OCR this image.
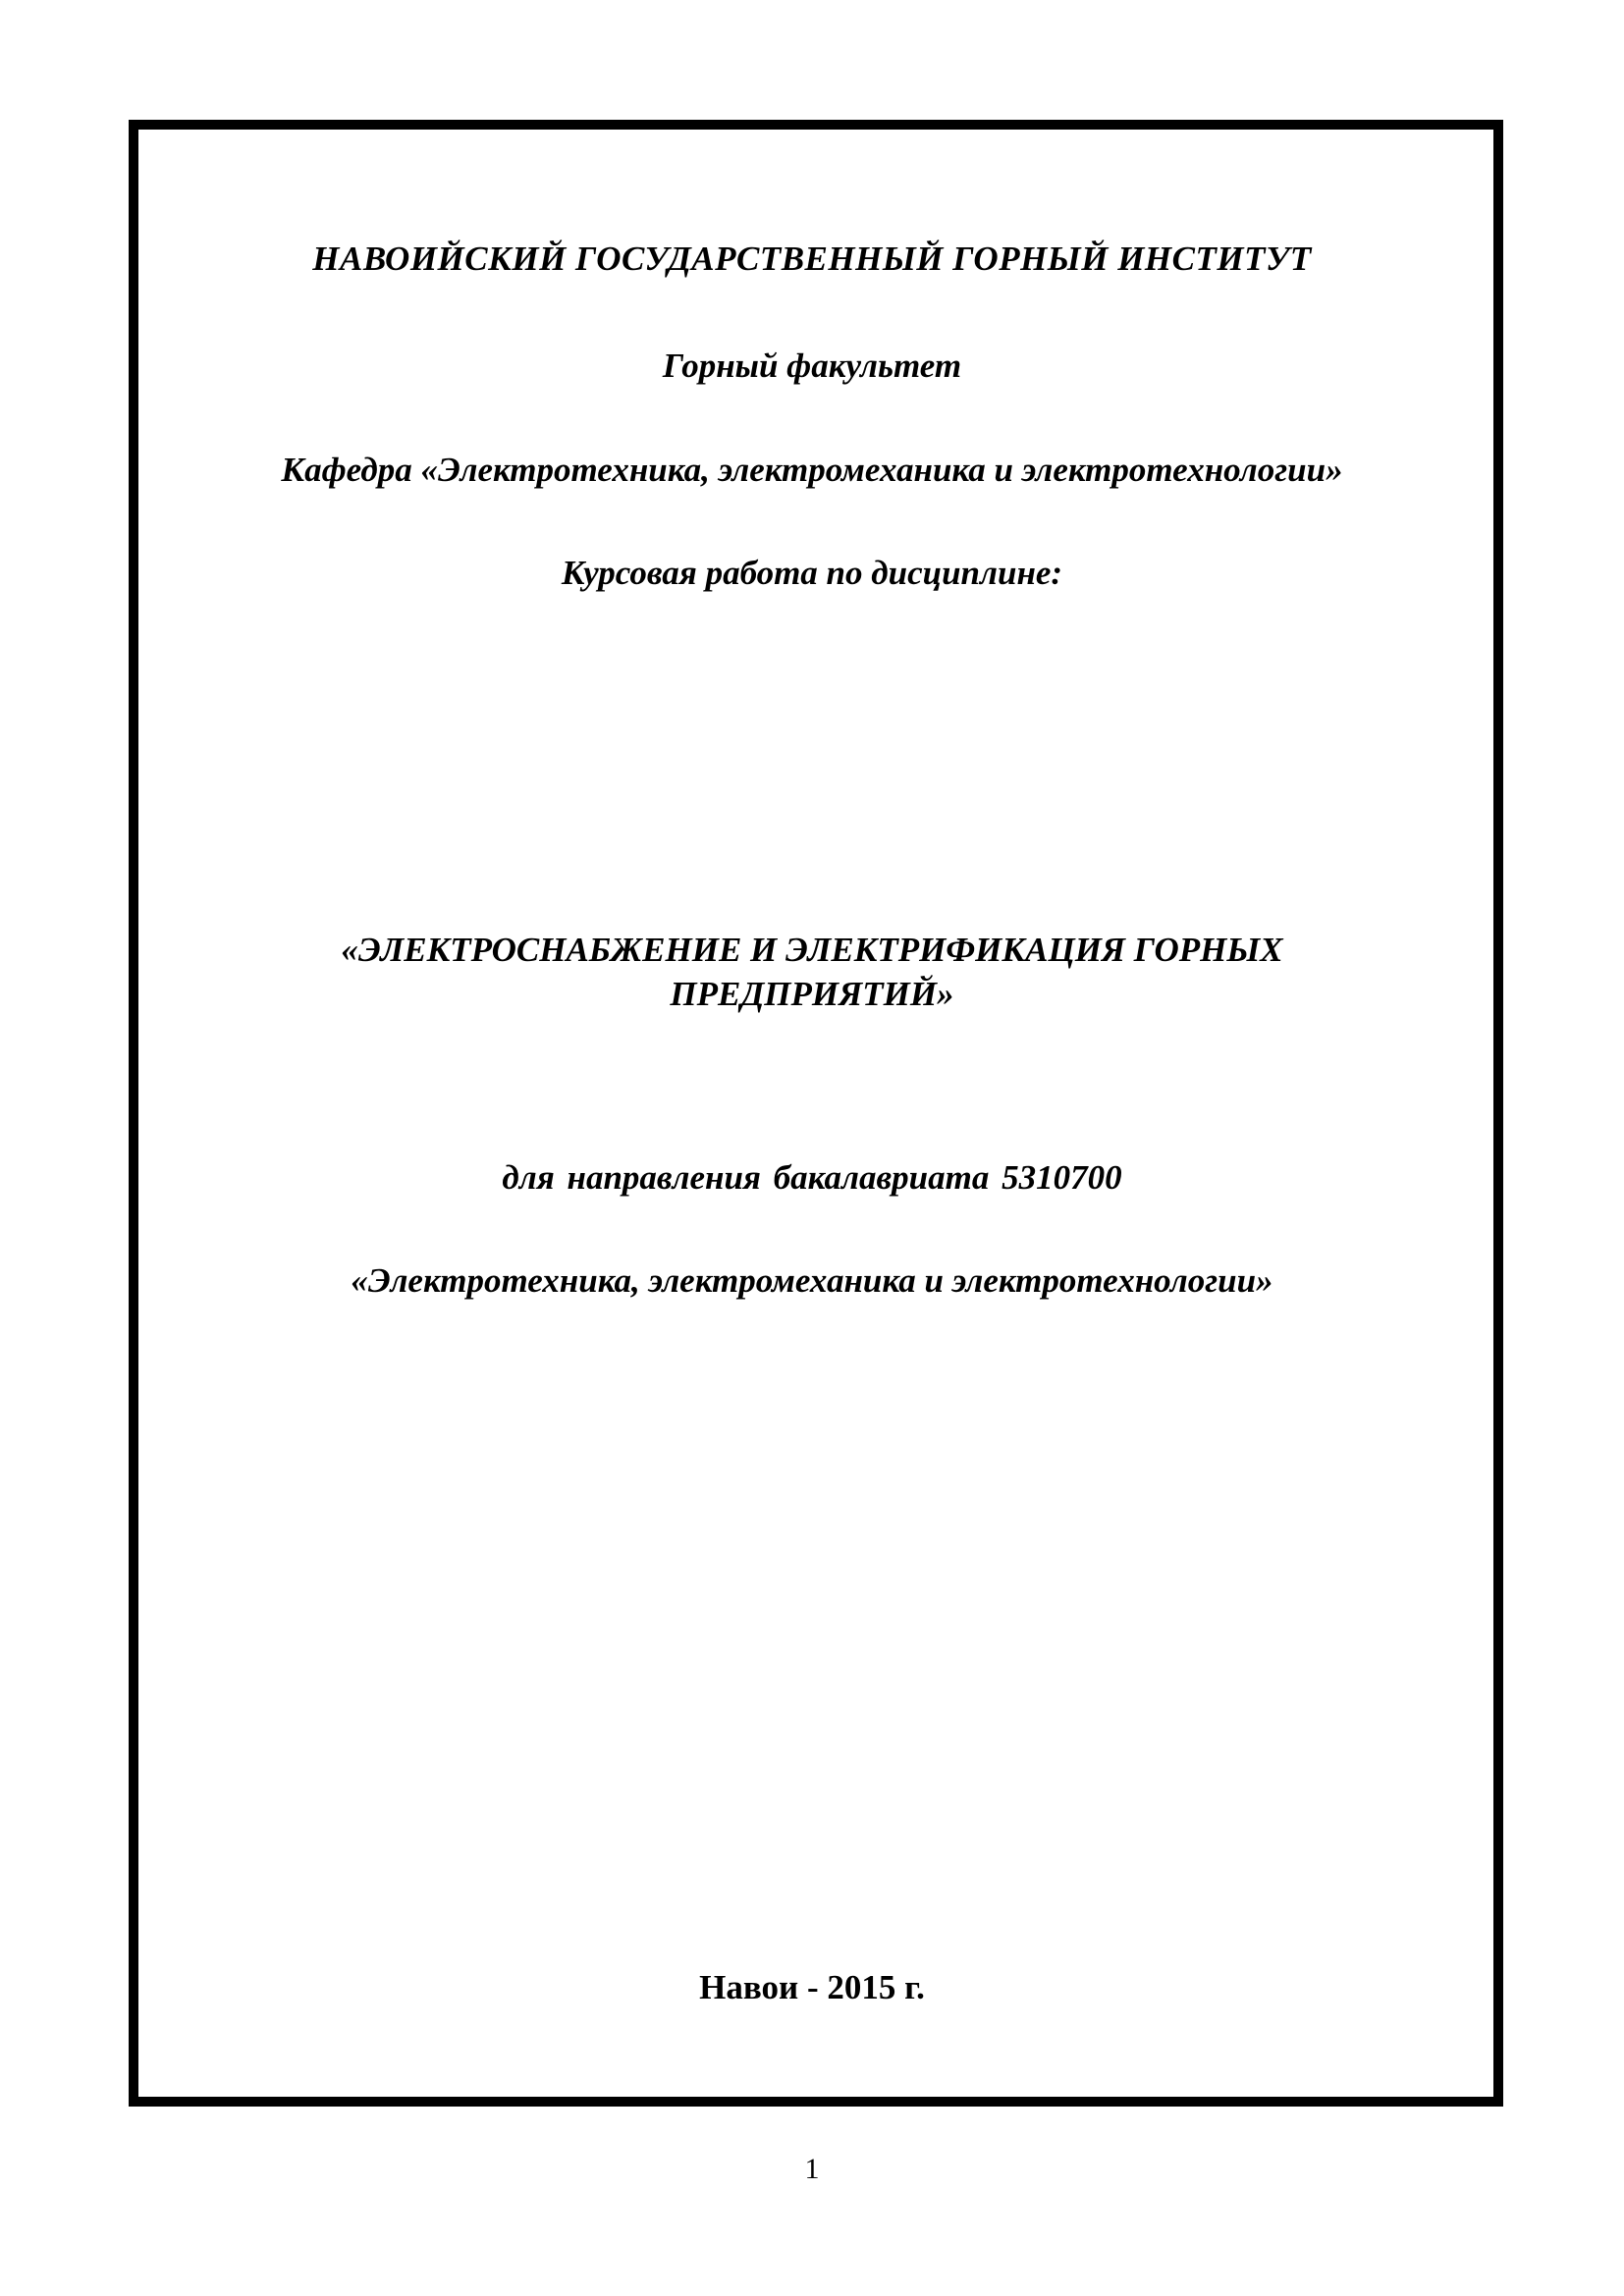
НАВОИЙСКИЙ ГОСУДАРСТВЕННЫЙ ГОРНЫЙ ИНСТИТУТ
Горный факультет
Кафедра «Электротехника, электромеханика и электротехнологии»
Курсовая работа по дисциплине:
«ЭЛЕКТРОСНАБЖЕНИЕ И ЭЛЕКТРИФИКАЦИЯ ГОРНЫХ
ПРЕДПРИЯТИЙ»
для направления бакалавриата 5310700
«Электротехника, электромеханика и электротехнологии»
Навои - 2015 г.
1
